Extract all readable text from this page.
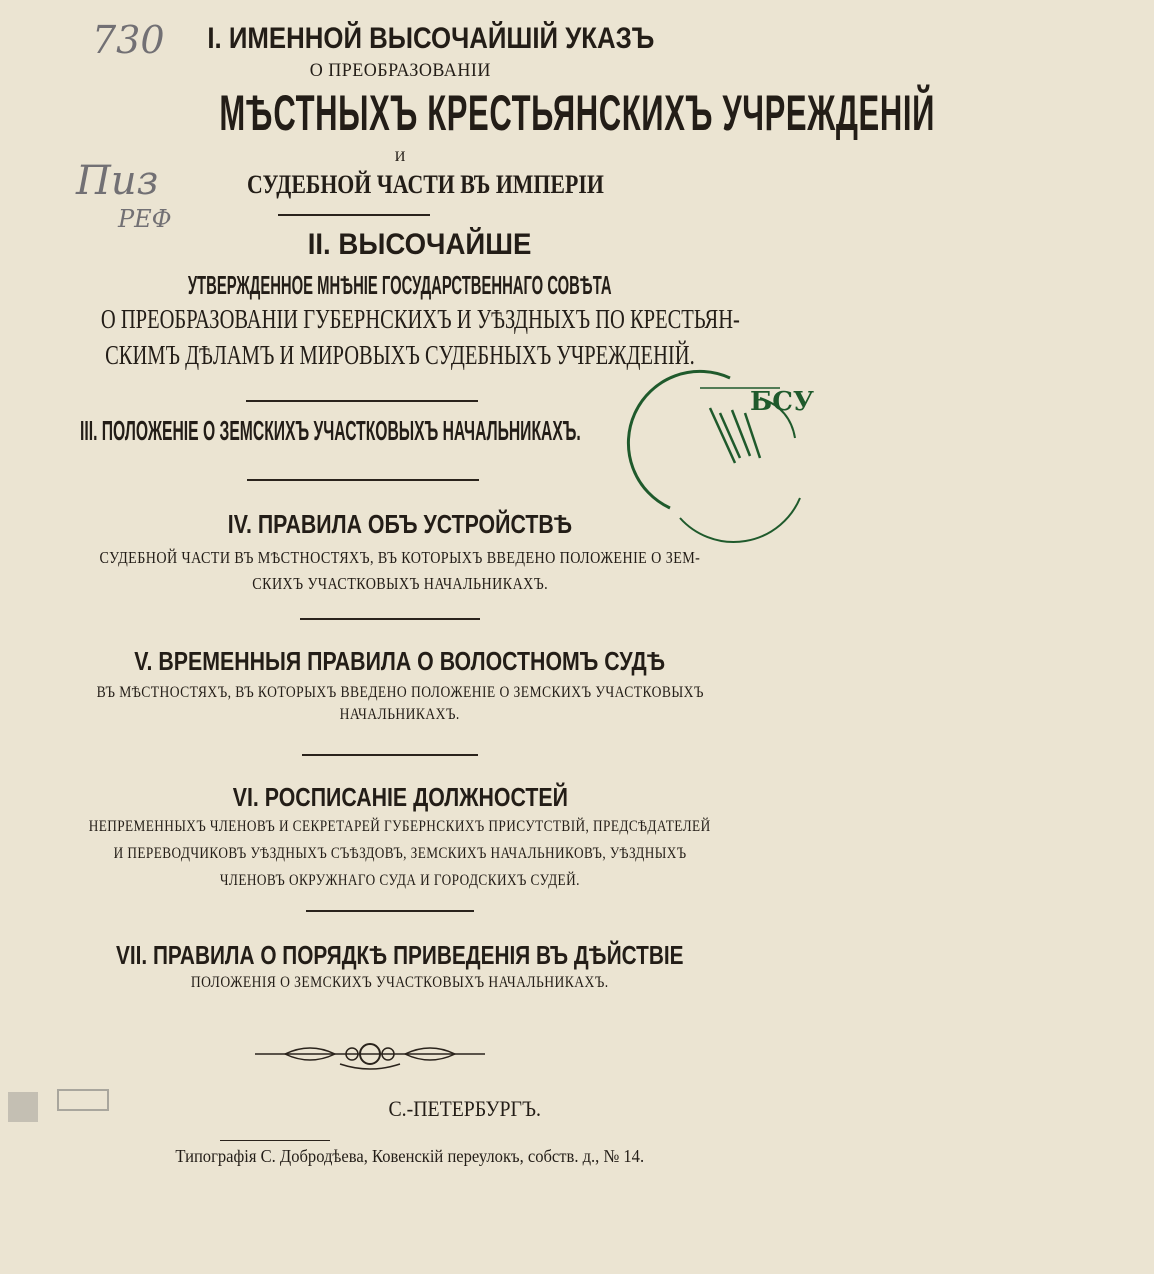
730
Пиз
РЕФ
I. ИМЕННОЙ ВЫСОЧАЙШІЙ УКАЗЪ
О ПРЕОБРАЗОВАНІИ
МѢСТНЫХЪ КРЕСТЬЯНСКИХЪ УЧРЕЖДЕНІЙ
И
СУДЕБНОЙ ЧАСТИ ВЪ ИМПЕРІИ
II. ВЫСОЧАЙШЕ
УТВЕРЖДЕННОЕ МНѢНІЕ ГОСУДАРСТВЕННАГО СОВѢТА
О ПРЕОБРАЗОВАНІИ ГУБЕРНСКИХЪ И УѢЗДНЫХЪ ПО КРЕСТЬЯН-
СКИМЪ ДѢЛАМЪ И МИРОВЫХЪ СУДЕБНЫХЪ УЧРЕЖДЕНІЙ.
III. ПОЛОЖЕНІЕ О ЗЕМСКИХЪ УЧАСТКОВЫХЪ НАЧАЛЬНИКАХЪ.
БСУ
IV. ПРАВИЛА ОБЪ УСТРОЙСТВѢ
СУДЕБНОЙ ЧАСТИ ВЪ МѢСТНОСТЯХЪ, ВЪ КОТОРЫХЪ ВВЕДЕНО ПОЛОЖЕНІЕ О ЗЕМ-
СКИХЪ УЧАСТКОВЫХЪ НАЧАЛЬНИКАХЪ.
V. ВРЕМЕННЫЯ ПРАВИЛА О ВОЛОСТНОМЪ СУДѢ
ВЪ МѢСТНОСТЯХЪ, ВЪ КОТОРЫХЪ ВВЕДЕНО ПОЛОЖЕНІЕ О ЗЕМСКИХЪ УЧАСТКОВЫХЪ
НАЧАЛЬНИКАХЪ.
VI. РОСПИСАНІЕ ДОЛЖНОСТЕЙ
НЕПРЕМЕННЫХЪ ЧЛЕНОВЪ И СЕКРЕТАРЕЙ ГУБЕРНСКИХЪ ПРИСУТСТВІЙ, ПРЕДСѢДАТЕЛЕЙ
И ПЕРЕВОДЧИКОВЪ УѢЗДНЫХЪ СЪѢЗДОВЪ, ЗЕМСКИХЪ НАЧАЛЬНИКОВЪ, УѢЗДНЫХЪ
ЧЛЕНОВЪ ОКРУЖНАГО СУДА И ГОРОДСКИХЪ СУДЕЙ.
VII. ПРАВИЛА О ПОРЯДКѢ ПРИВЕДЕНІЯ ВЪ ДѢЙСТВІЕ
ПОЛОЖЕНІЯ О ЗЕМСКИХЪ УЧАСТКОВЫХЪ НАЧАЛЬНИКАХЪ.
С.-ПЕТЕРБУРГЪ.
Типографія С. Добродѣева, Ковенскій переулокъ, собств. д., № 14.
